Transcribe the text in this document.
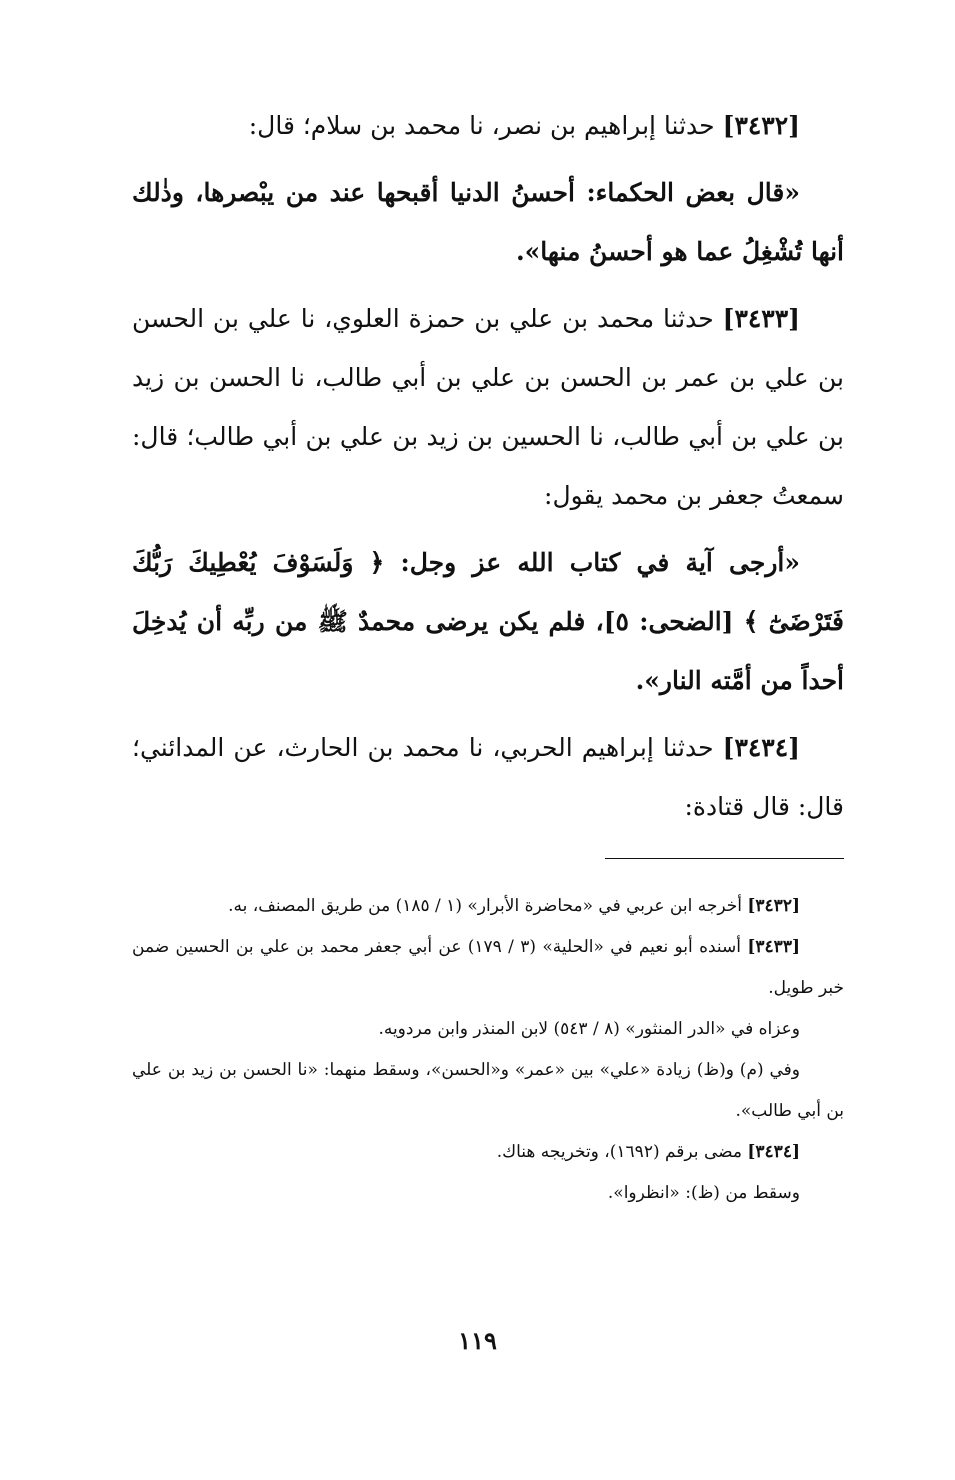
[٣٤٣٢] حدثنا إبراهيم بن نصر، نا محمد بن سلام؛ قال:

«قال بعض الحكماء: أحسنُ الدنيا أقبحها عند من يبْصرها، وذٰلك أنها تُشْغِلُ عما هو أحسنُ منها».

[٣٤٣٣] حدثنا محمد بن علي بن حمزة العلوي، نا علي بن الحسن بن علي بن عمر بن الحسن بن علي بن أبي طالب، نا الحسن بن زيد بن علي بن أبي طالب، نا الحسين بن زيد بن علي بن أبي طالب؛ قال: سمعتُ جعفر بن محمد يقول:

«أرجى آية في كتاب الله عز وجل: ﴿ وَلَسَوْفَ يُعْطِيكَ رَبُّكَ فَتَرْضَىٰٓ ﴾ [الضحى: ٥]، فلم يكن يرضى محمدٌ ﷺ من ربِّه أن يُدخِلَ أحداً من أمَّته النار».

[٣٤٣٤] حدثنا إبراهيم الحربي، نا محمد بن الحارث، عن المدائني؛ قال: قال قتادة:

[٣٤٣٢] أخرجه ابن عربي في «محاضرة الأبرار» (١ / ١٨٥) من طريق المصنف، به.

[٣٤٣٣] أسنده أبو نعيم في «الحلية» (٣ / ١٧٩) عن أبي جعفر محمد بن علي بن الحسين ضمن خبر طويل.

وعزاه في «الدر المنثور» (٨ / ٥٤٣) لابن المنذر وابن مردويه.

وفي (م) و(ظ) زيادة «علي» بين «عمر» و«الحسن»، وسقط منهما: «نا الحسن بن زيد بن علي بن أبي طالب».

[٣٤٣٤] مضى برقم (١٦٩٢)، وتخريجه هناك.

وسقط من (ظ): «انظروا».

١١٩
